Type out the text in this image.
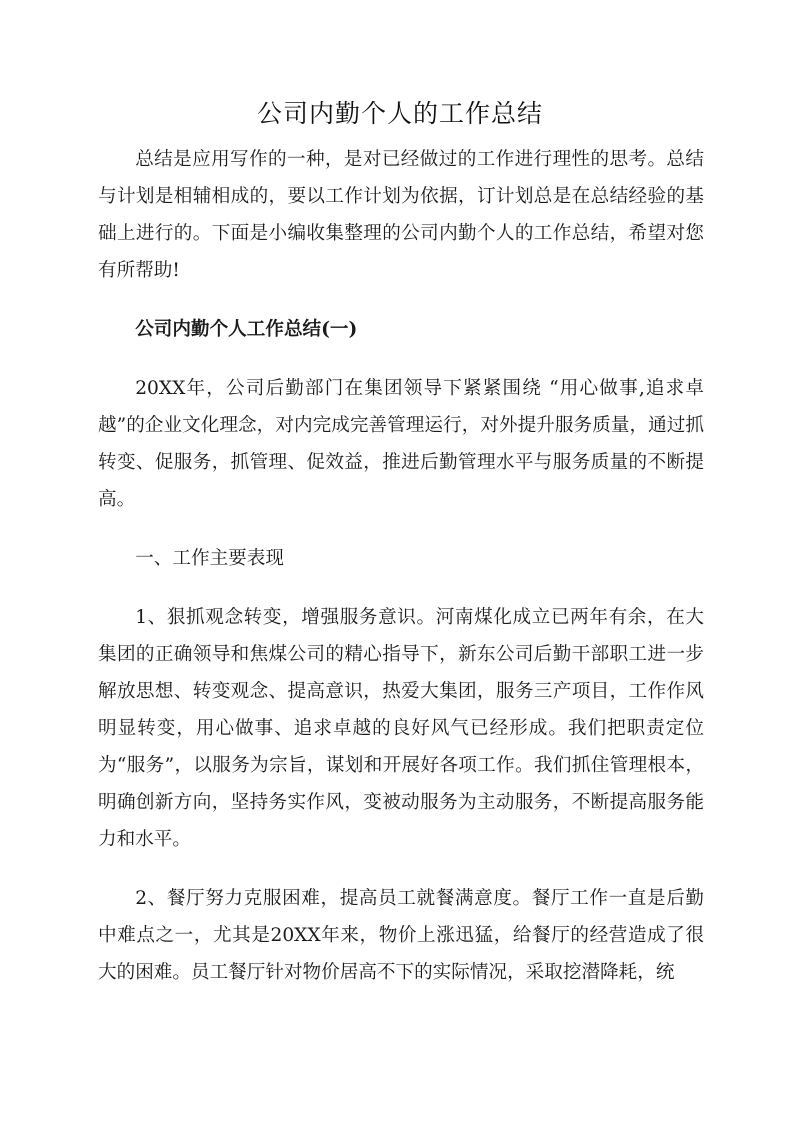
公司内勤个人的工作总结

总结是应用写作的一种，是对已经做过的工作进行理性的思考。总结与计划是相辅相成的，要以工作计划为依据，订计划总是在总结经验的基础上进行的。下面是小编收集整理的公司内勤个人的工作总结，希望对您有所帮助!

公司内勤个人工作总结(一)

20XX年，公司后勤部门在集团领导下紧紧围绕 “用心做事,追求卓越”的企业文化理念，对内完成完善管理运行，对外提升服务质量，通过抓转变、促服务，抓管理、促效益，推进后勤管理水平与服务质量的不断提高。

一、工作主要表现

1、狠抓观念转变，增强服务意识。河南煤化成立已两年有余，在大集团的正确领导和焦煤公司的精心指导下，新东公司后勤干部职工进一步解放思想、转变观念、提高意识，热爱大集团，服务三产项目，工作作风明显转变，用心做事、追求卓越的良好风气已经形成。我们把职责定位为“服务”，以服务为宗旨，谋划和开展好各项工作。我们抓住管理根本，明确创新方向，坚持务实作风，变被动服务为主动服务，不断提高服务能力和水平。

2、餐厅努力克服困难，提高员工就餐满意度。餐厅工作一直是后勤中难点之一，尤其是20XX年来，物价上涨迅猛，给餐厅的经营造成了很大的困难。员工餐厅针对物价居高不下的实际情况，采取挖潜降耗，统
